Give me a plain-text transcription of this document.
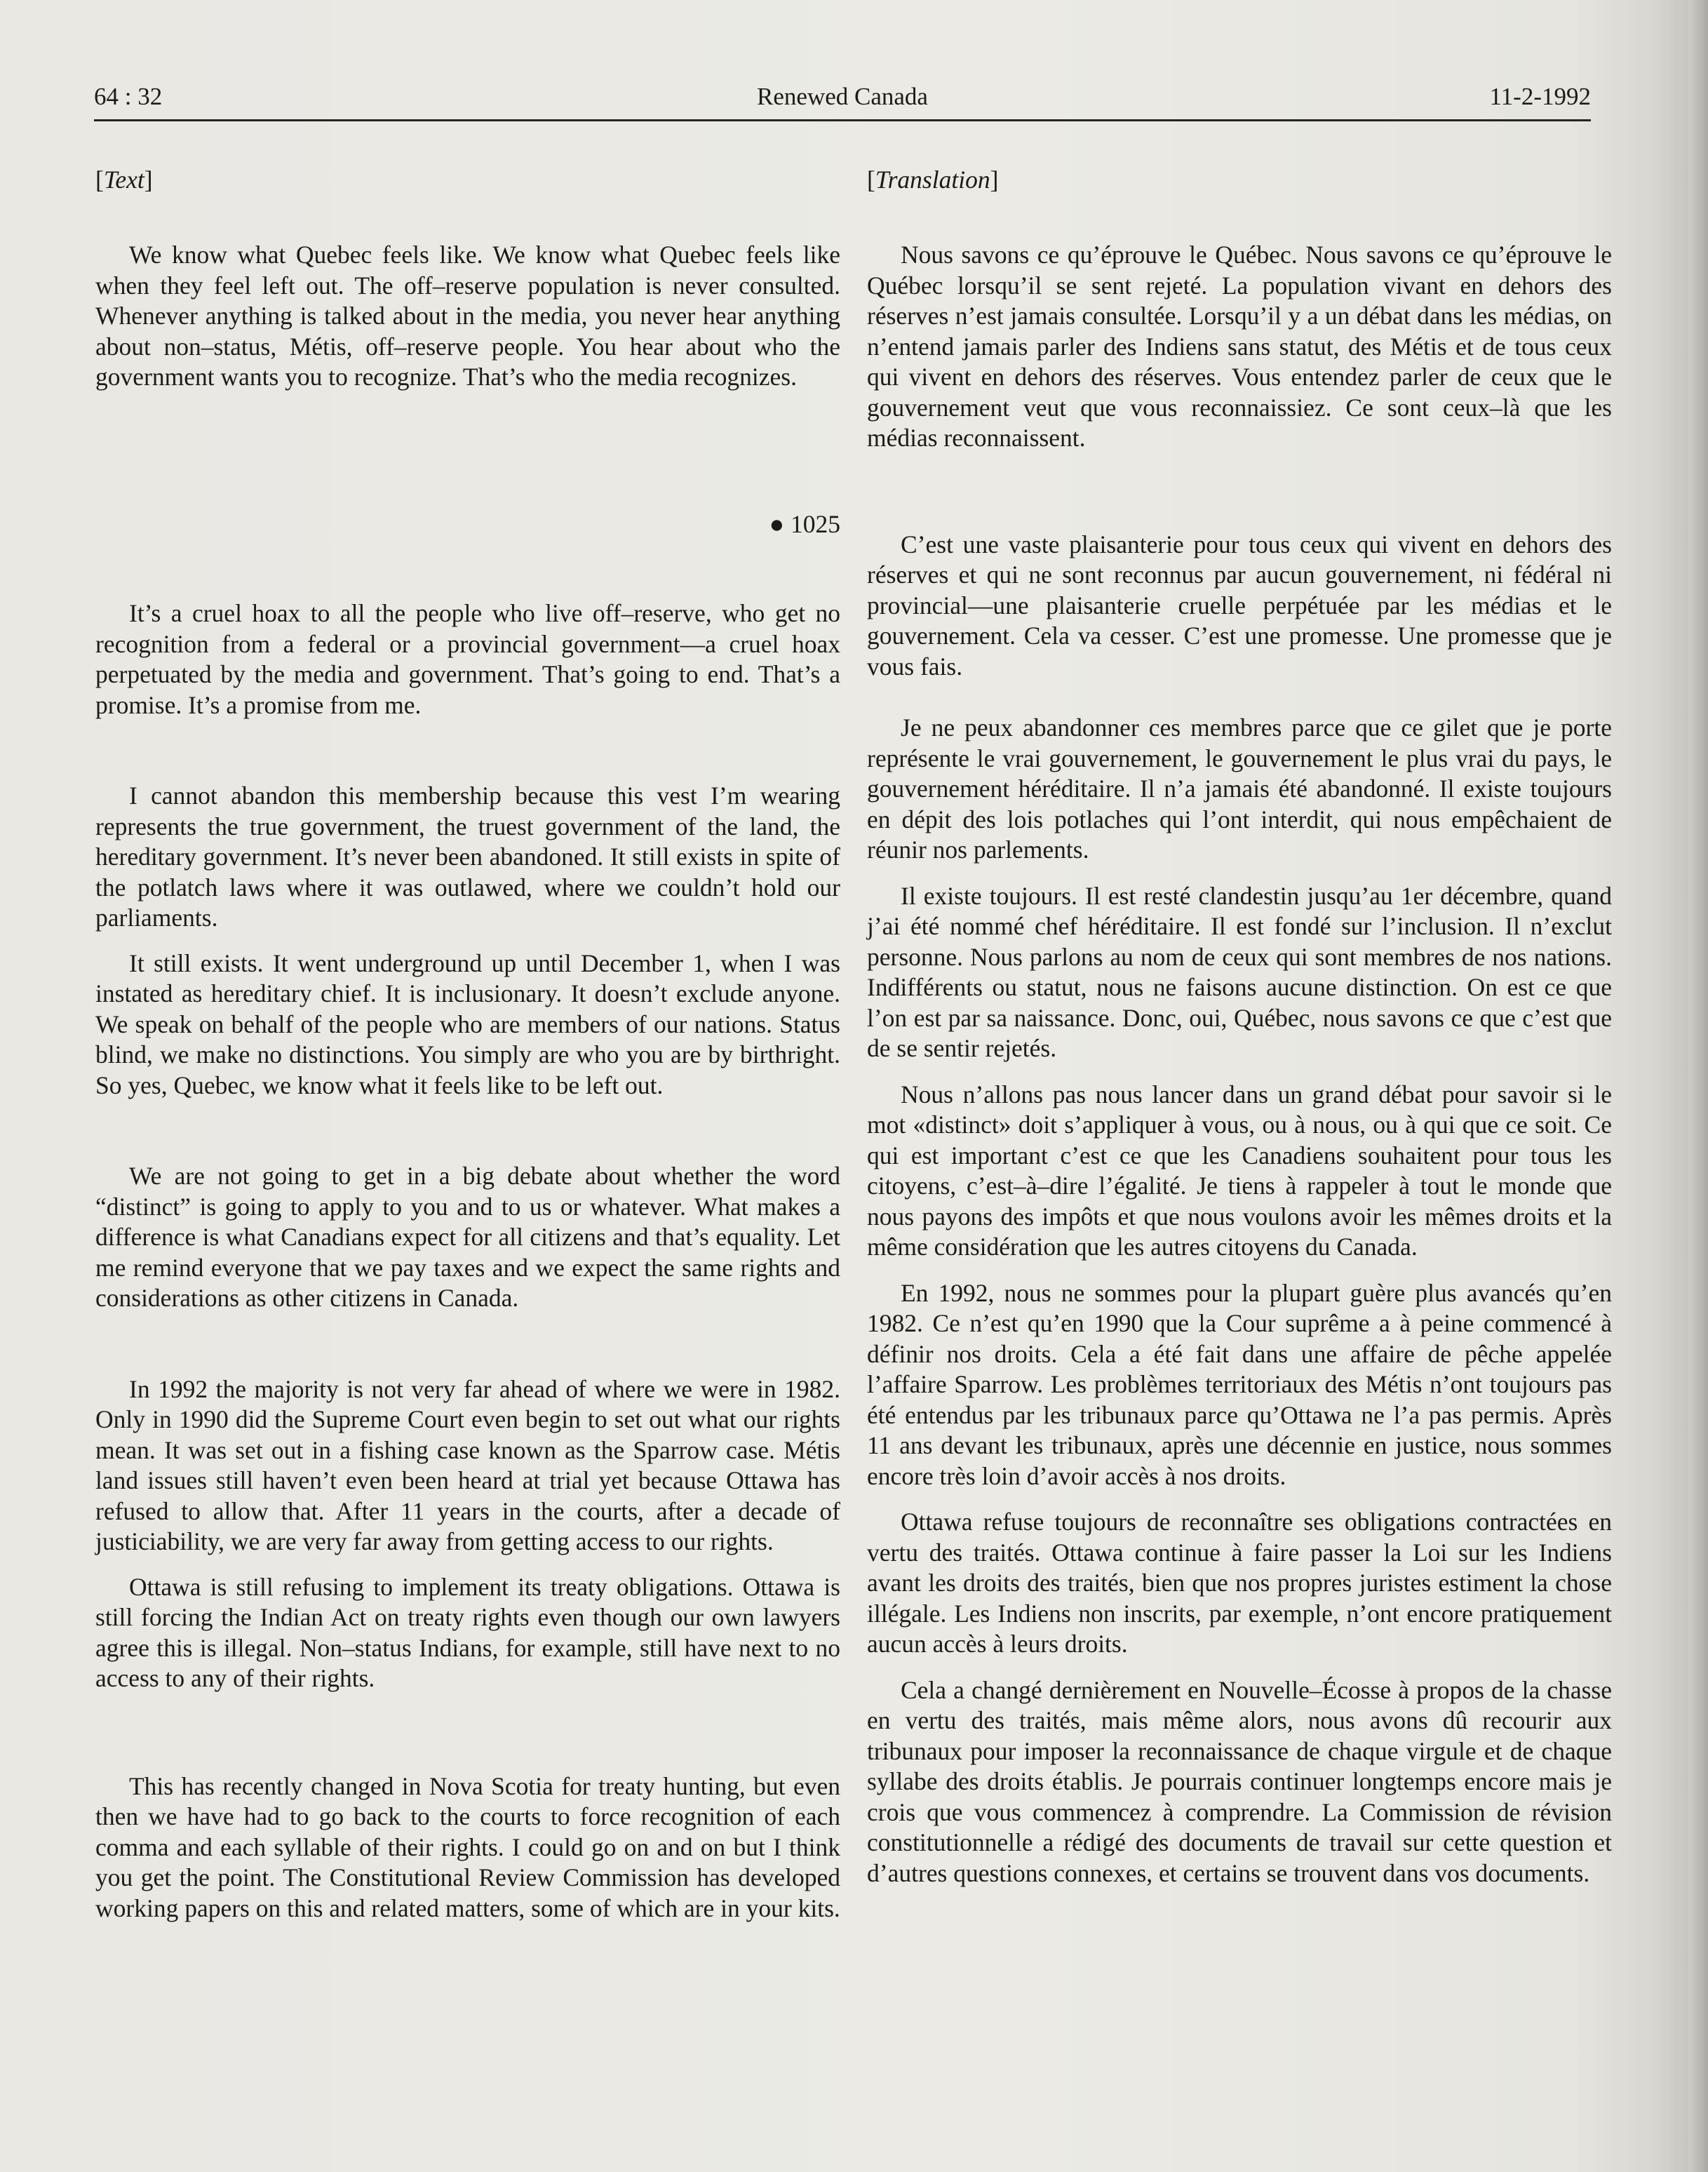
64 : 32	Renewed Canada	11-2-1992

[Text]

We know what Quebec feels like. We know what Quebec feels like when they feel left out. The off–reserve population is never consulted. Whenever anything is talked about in the media, you never hear anything about non–status, Métis, off–reserve people. You hear about who the government wants you to recognize. That’s who the media recognizes.

● 1025

It’s a cruel hoax to all the people who live off–reserve, who get no recognition from a federal or a provincial government—a cruel hoax perpetuated by the media and government. That’s going to end. That’s a promise. It’s a promise from me.

I cannot abandon this membership because this vest I’m wearing represents the true government, the truest government of the land, the hereditary government. It’s never been abandoned. It still exists in spite of the potlatch laws where it was outlawed, where we couldn’t hold our parliaments.

It still exists. It went underground up until December 1, when I was instated as hereditary chief. It is inclusionary. It doesn’t exclude anyone. We speak on behalf of the people who are members of our nations. Status blind, we make no distinctions. You simply are who you are by birthright. So yes, Quebec, we know what it feels like to be left out.

We are not going to get in a big debate about whether the word “distinct” is going to apply to you and to us or whatever. What makes a difference is what Canadians expect for all citizens and that’s equality. Let me remind everyone that we pay taxes and we expect the same rights and considerations as other citizens in Canada.

In 1992 the majority is not very far ahead of where we were in 1982. Only in 1990 did the Supreme Court even begin to set out what our rights mean. It was set out in a fishing case known as the Sparrow case. Métis land issues still haven’t even been heard at trial yet because Ottawa has refused to allow that. After 11 years in the courts, after a decade of justiciability, we are very far away from getting access to our rights.

Ottawa is still refusing to implement its treaty obligations. Ottawa is still forcing the Indian Act on treaty rights even though our own lawyers agree this is illegal. Non–status Indians, for example, still have next to no access to any of their rights.

This has recently changed in Nova Scotia for treaty hunting, but even then we have had to go back to the courts to force recognition of each comma and each syllable of their rights. I could go on and on but I think you get the point. The Constitutional Review Commission has developed working papers on this and related matters, some of which are in your kits.

[Translation]

Nous savons ce qu’éprouve le Québec. Nous savons ce qu’éprouve le Québec lorsqu’il se sent rejeté. La population vivant en dehors des réserves n’est jamais consultée. Lorsqu’il y a un débat dans les médias, on n’entend jamais parler des Indiens sans statut, des Métis et de tous ceux qui vivent en dehors des réserves. Vous entendez parler de ceux que le gouvernement veut que vous reconnaissiez. Ce sont ceux–là que les médias reconnaissent.

C’est une vaste plaisanterie pour tous ceux qui vivent en dehors des réserves et qui ne sont reconnus par aucun gouvernement, ni fédéral ni provincial—une plaisanterie cruelle perpétuée par les médias et le gouvernement. Cela va cesser. C’est une promesse. Une promesse que je vous fais.

Je ne peux abandonner ces membres parce que ce gilet que je porte représente le vrai gouvernement, le gouvernement le plus vrai du pays, le gouvernement héréditaire. Il n’a jamais été abandonné. Il existe toujours en dépit des lois potlaches qui l’ont interdit, qui nous empêchaient de réunir nos parlements.

Il existe toujours. Il est resté clandestin jusqu’au 1er décembre, quand j’ai été nommé chef héréditaire. Il est fondé sur l’inclusion. Il n’exclut personne. Nous parlons au nom de ceux qui sont membres de nos nations. Indifférents ou statut, nous ne faisons aucune distinction. On est ce que l’on est par sa naissance. Donc, oui, Québec, nous savons ce que c’est que de se sentir rejetés.

Nous n’allons pas nous lancer dans un grand débat pour savoir si le mot «distinct» doit s’appliquer à vous, ou à nous, ou à qui que ce soit. Ce qui est important c’est ce que les Canadiens souhaitent pour tous les citoyens, c’est–à–dire l’égalité. Je tiens à rappeler à tout le monde que nous payons des impôts et que nous voulons avoir les mêmes droits et la même considération que les autres citoyens du Canada.

En 1992, nous ne sommes pour la plupart guère plus avancés qu’en 1982. Ce n’est qu’en 1990 que la Cour suprême a à peine commencé à définir nos droits. Cela a été fait dans une affaire de pêche appelée l’affaire Sparrow. Les problèmes territoriaux des Métis n’ont toujours pas été entendus par les tribunaux parce qu’Ottawa ne l’a pas permis. Après 11 ans devant les tribunaux, après une décennie en justice, nous sommes encore très loin d’avoir accès à nos droits.

Ottawa refuse toujours de reconnaître ses obligations contractées en vertu des traités. Ottawa continue à faire passer la Loi sur les Indiens avant les droits des traités, bien que nos propres juristes estiment la chose illégale. Les Indiens non inscrits, par exemple, n’ont encore pratiquement aucun accès à leurs droits.

Cela a changé dernièrement en Nouvelle–Écosse à propos de la chasse en vertu des traités, mais même alors, nous avons dû recourir aux tribunaux pour imposer la reconnaissance de chaque virgule et de chaque syllabe des droits établis. Je pourrais continuer longtemps encore mais je crois que vous commencez à comprendre. La Commission de révision constitutionnelle a rédigé des documents de travail sur cette question et d’autres questions connexes, et certains se trouvent dans vos documents.
